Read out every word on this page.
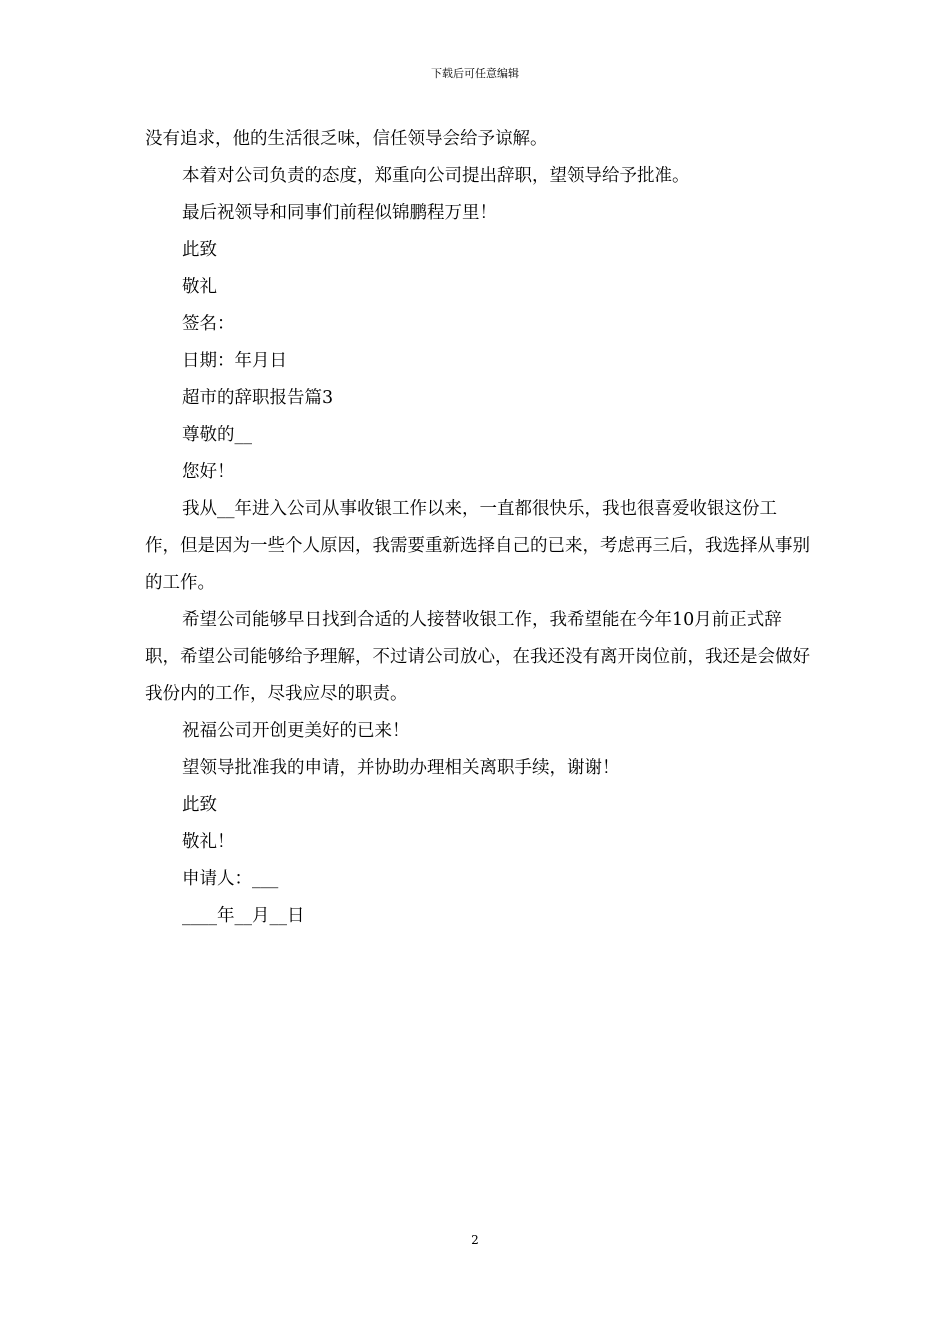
下载后可任意编辑

没有追求，他的生活很乏味，信任领导会给予谅解。

本着对公司负责的态度，郑重向公司提出辞职，望领导给予批准。

最后祝领导和同事们前程似锦鹏程万里！

此致

敬礼

签名：

日期：年月日

超市的辞职报告篇3

尊敬的__

您好！

我从__年进入公司从事收银工作以来，一直都很快乐，我也很喜爱收银这份工作，但是因为一些个人原因，我需要重新选择自己的已来，考虑再三后，我选择从事别的工作。

希望公司能够早日找到合适的人接替收银工作，我希望能在今年10月前正式辞职，希望公司能够给予理解，不过请公司放心，在我还没有离开岗位前，我还是会做好我份内的工作，尽我应尽的职责。

祝福公司开创更美好的已来！

望领导批准我的申请，并协助办理相关离职手续，谢谢！

此致

敬礼！

申请人：___

____年__月__日

2
